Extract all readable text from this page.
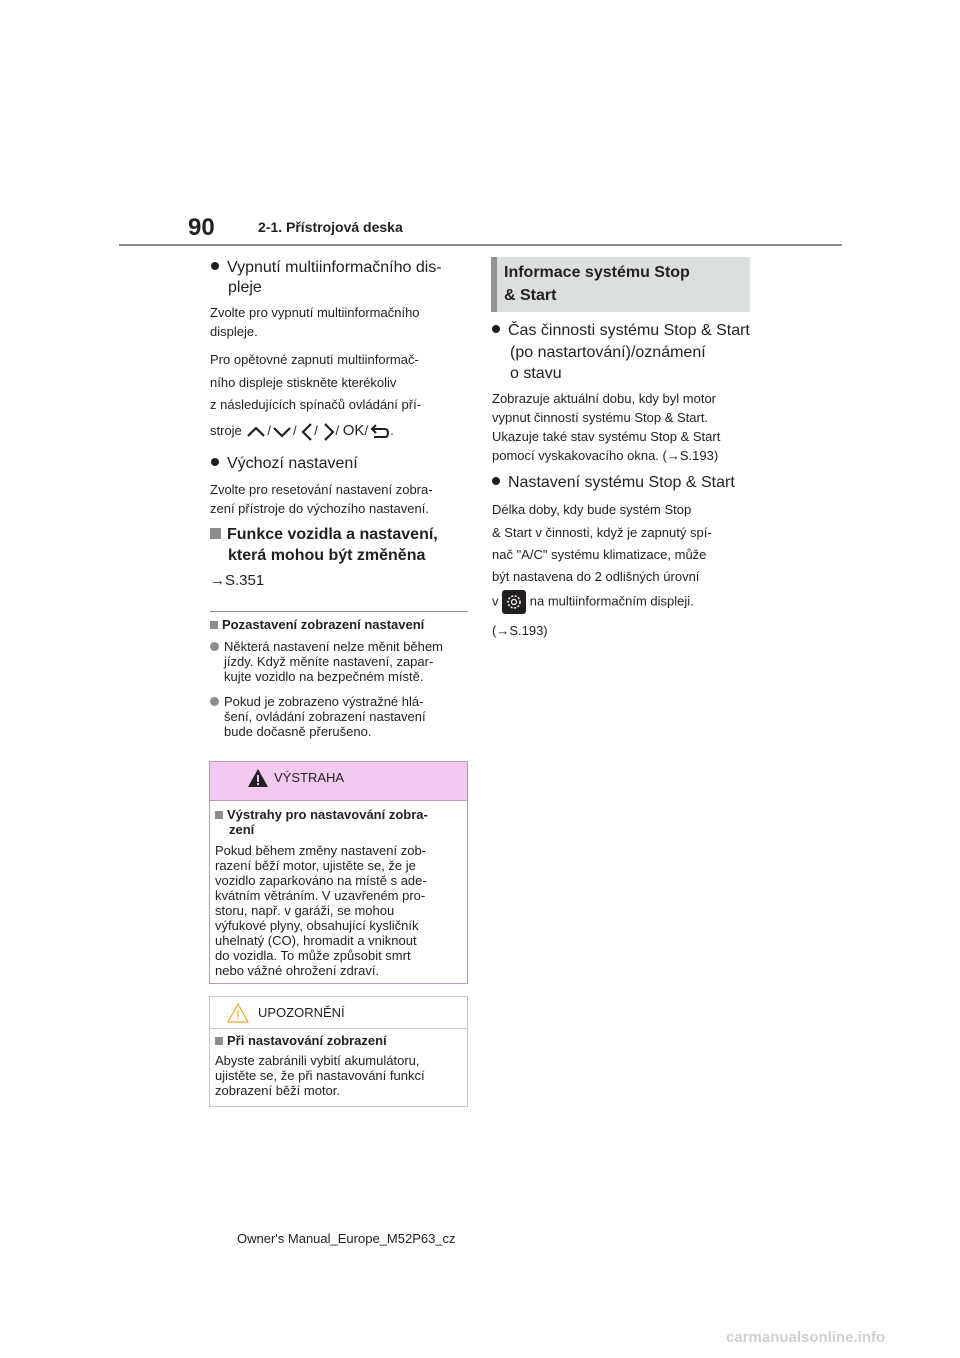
90	2-1. Přístrojová deska
Vypnutí multiinformačního dis-
pleje
Zvolte pro vypnutí multiinformačního
displeje.
Pro opětovné zapnutí multiinformač-
ního displeje stiskněte kterékoliv
z následujících spínačů ovládání pří-
stroje / / / / OK/ .
Výchozí nastavení
Zvolte pro resetování nastavení zobra-
zení přístroje do výchozího nastavení.
Funkce vozidla a nastavení,
která mohou být změněna
→S.351
Pozastavení zobrazení nastavení
Některá nastavení nelze měnit během
jízdy. Když měníte nastavení, zapar-
kujte vozidlo na bezpečném místě.
Pokud je zobrazeno výstražné hlá-
šení, ovládání zobrazení nastavení
bude dočasně přerušeno.
VÝSTRAHA
Výstrahy pro nastavování zobra-
zení
Pokud během změny nastavení zob-
razení běží motor, ujistěte se, že je
vozidlo zaparkováno na místě s ade-
kvátním větráním. V uzavřeném pro-
storu, např. v garáži, se mohou
výfukové plyny, obsahující kysličník
uhelnatý (CO), hromadit a vniknout
do vozidla. To může způsobit smrt
nebo vážné ohrožení zdraví.
UPOZORNĚNÍ
Při nastavování zobrazení
Abyste zabránili vybití akumulátoru,
ujistěte se, že při nastavování funkcí
zobrazení běží motor.
Informace systému Stop
& Start
Čas činnosti systému Stop & Start
(po nastartování)/oznámení
o stavu
Zobrazuje aktuální dobu, kdy byl motor
vypnut činností systému Stop & Start.
Ukazuje také stav systému Stop & Start
pomocí vyskakovacího okna. (→S.193)
Nastavení systému Stop & Start
Délka doby, kdy bude systém Stop
& Start v činnosti, když je zapnutý spí-
nač "A/C" systému klimatizace, může
být nastavena do 2 odlišných úrovní
v na multiinformačním displeji.
(→S.193)
Owner's Manual_Europe_M52P63_cz
carmanualsonline.info
